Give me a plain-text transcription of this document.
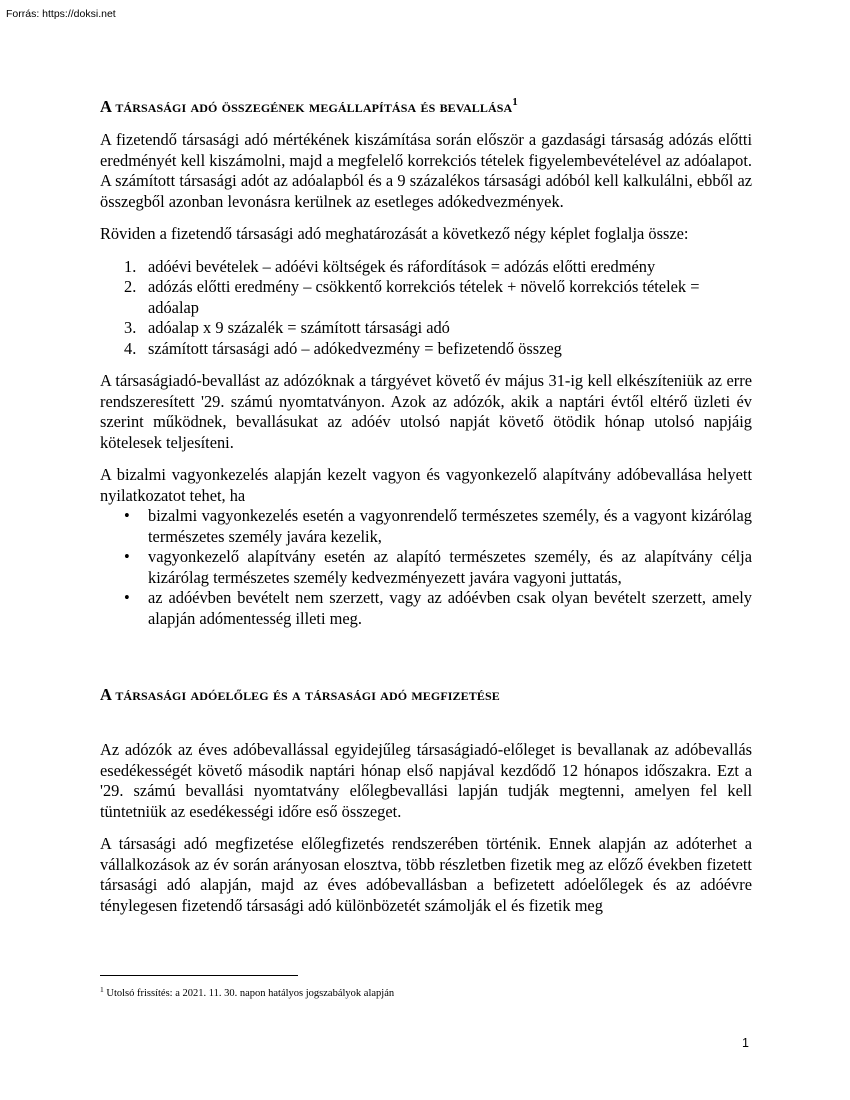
Forrás: https://doksi.net
A társasági adó összegének megállapítása és bevallása$^1$

A fizetendő társasági adó mértékének kiszámítása során először a gazdasági társaság adózás előtti eredményét kell kiszámolni, majd a megfelelő korrekciós tételek figyelembevételével az adóalapot. A számított társasági adót az adóalapból és a 9 százalékos társasági adóból kell kalkulálni, ebből az összegből azonban levonásra kerülnek az esetleges adókedvezmények.

Röviden a fizetendő társasági adó meghatározását a következő négy képlet foglalja össze:

1. adóévi bevételek – adóévi költségek és ráfordítások = adózás előtti eredmény
2. adózás előtti eredmény – csökkentő korrekciós tételek + növelő korrekciós tételek = adóalap
3. adóalap x 9 százalék = számított társasági adó
4. számított társasági adó – adókedvezmény = befizetendő összeg

A társaságiadó-bevallást az adózóknak a tárgyévet követő év május 31-ig kell elkészíteniük az erre rendszeresített '29. számú nyomtatványon. Azok az adózók, akik a naptári évtől eltérő üzleti év szerint működnek, bevallásukat az adóév utolsó napját követő ötödik hónap utolsó napjáig kötelesek teljesíteni.

A bizalmi vagyonkezelés alapján kezelt vagyon és vagyonkezelő alapítvány adóbevallása helyett nyilatkozatot tehet, ha

• bizalmi vagyonkezelés esetén a vagyonrendelő természetes személy, és a vagyont kizárólag természetes személy javára kezelik,
• vagyonkezelő alapítvány esetén az alapító természetes személy, és az alapítvány célja kizárólag természetes személy kedvezményezett javára vagyoni juttatás,
• az adóévben bevételt nem szerzett, vagy az adóévben csak olyan bevételt szerzett, amely alapján adómentesség illeti meg.
A társasági adóelőleg és a társasági adó megfizetése

Az adózók az éves adóbevallással egyidejűleg társaságiadó-előleget is bevallanak az adóbevallás esedékességét követő második naptári hónap első napjával kezdődő 12 hónapos időszakra. Ezt a '29. számú bevallási nyomtatvány előlegbevallási lapján tudják megtenni, amelyen fel kell tüntetniük az esedékességi időre eső összeget.

A társasági adó megfizetése előlegfizetés rendszerében történik. Ennek alapján az adóterhet a vállalkozások az év során arányosan elosztva, több részletben fizetik meg az előző években fizetett társasági adó alapján, majd az éves adóbevallásban a befizetett adóelőlegek és az adóévre ténylegesen fizetendő társasági adó különbözetét számolják el és fizetik meg

$^1$ Utolsó frissítés: a 2021. 11. 30. napon hatályos jogszabályok alapján
1
